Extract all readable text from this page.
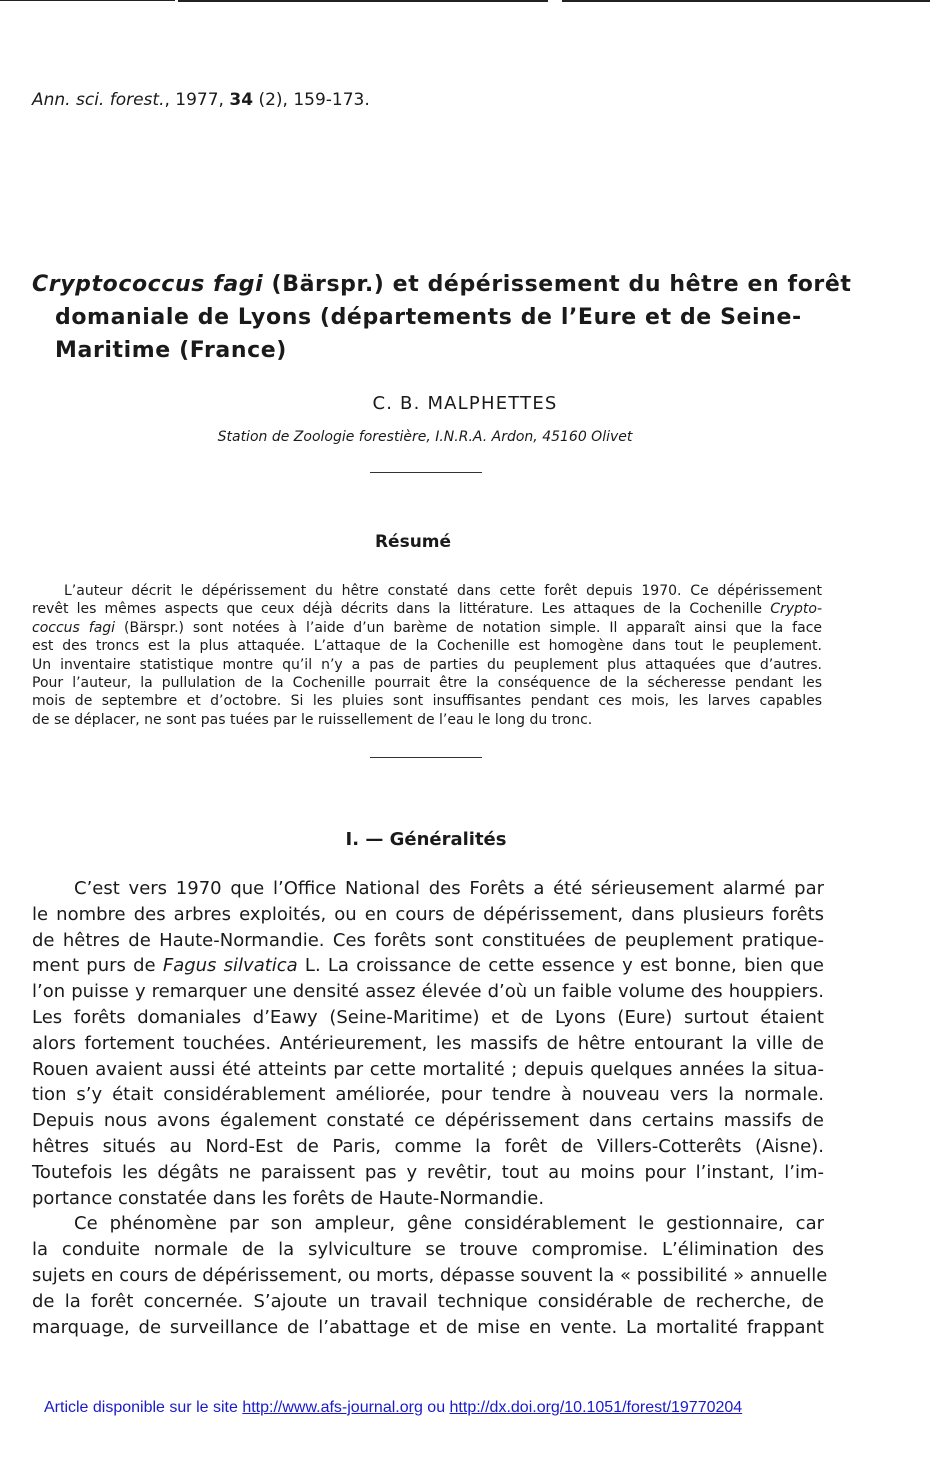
Ann. sci. forest., 1977, 34 (2), 159-173.
Cryptococcus fagi (Bärspr.) et dépérissement du hêtre en forêt
domaniale de Lyons (départements de l’Eure et de Seine-
Maritime (France)
C. B. MALPHETTES
Station de Zoologie forestière, I.N.R.A. Ardon, 45160 Olivet
Résumé
L’auteur décrit le dépérissement du hêtre constaté dans cette forêt depuis 1970. Ce dépérissement
revêt les mêmes aspects que ceux déjà décrits dans la littérature. Les attaques de la Cochenille Crypto-
coccus fagi (Bärspr.) sont notées à l’aide d’un barème de notation simple. Il apparaît ainsi que la face
est des troncs est la plus attaquée. L’attaque de la Cochenille est homogène dans tout le peuplement.
Un inventaire statistique montre qu’il n’y a pas de parties du peuplement plus attaquées que d’autres.
Pour l’auteur, la pullulation de la Cochenille pourrait être la conséquence de la sécheresse pendant les
mois de septembre et d’octobre. Si les pluies sont insuffisantes pendant ces mois, les larves capables
de se déplacer, ne sont pas tuées par le ruissellement de l’eau le long du tronc.
I. — Généralités
C’est vers 1970 que l’Office National des Forêts a été sérieusement alarmé par
le nombre des arbres exploités, ou en cours de dépérissement, dans plusieurs forêts
de hêtres de Haute-Normandie. Ces forêts sont constituées de peuplement pratique-
ment purs de Fagus silvatica L. La croissance de cette essence y est bonne, bien que
l’on puisse y remarquer une densité assez élevée d’où un faible volume des houppiers.
Les forêts domaniales d’Eawy (Seine-Maritime) et de Lyons (Eure) surtout étaient
alors fortement touchées. Antérieurement, les massifs de hêtre entourant la ville de
Rouen avaient aussi été atteints par cette mortalité ; depuis quelques années la situa-
tion s’y était considérablement améliorée, pour tendre à nouveau vers la normale.
Depuis nous avons également constaté ce dépérissement dans certains massifs de
hêtres situés au Nord-Est de Paris, comme la forêt de Villers-Cotterêts (Aisne).
Toutefois les dégâts ne paraissent pas y revêtir, tout au moins pour l’instant, l’im-
portance constatée dans les forêts de Haute-Normandie.
Ce phénomène par son ampleur, gêne considérablement le gestionnaire, car
la conduite normale de la sylviculture se trouve compromise. L’élimination des
sujets en cours de dépérissement, ou morts, dépasse souvent la « possibilité » annuelle
de la forêt concernée. S’ajoute un travail technique considérable de recherche, de
marquage, de surveillance de l’abattage et de mise en vente. La mortalité frappant
Article disponible sur le site http://www.afs-journal.org ou http://dx.doi.org/10.1051/forest/19770204
